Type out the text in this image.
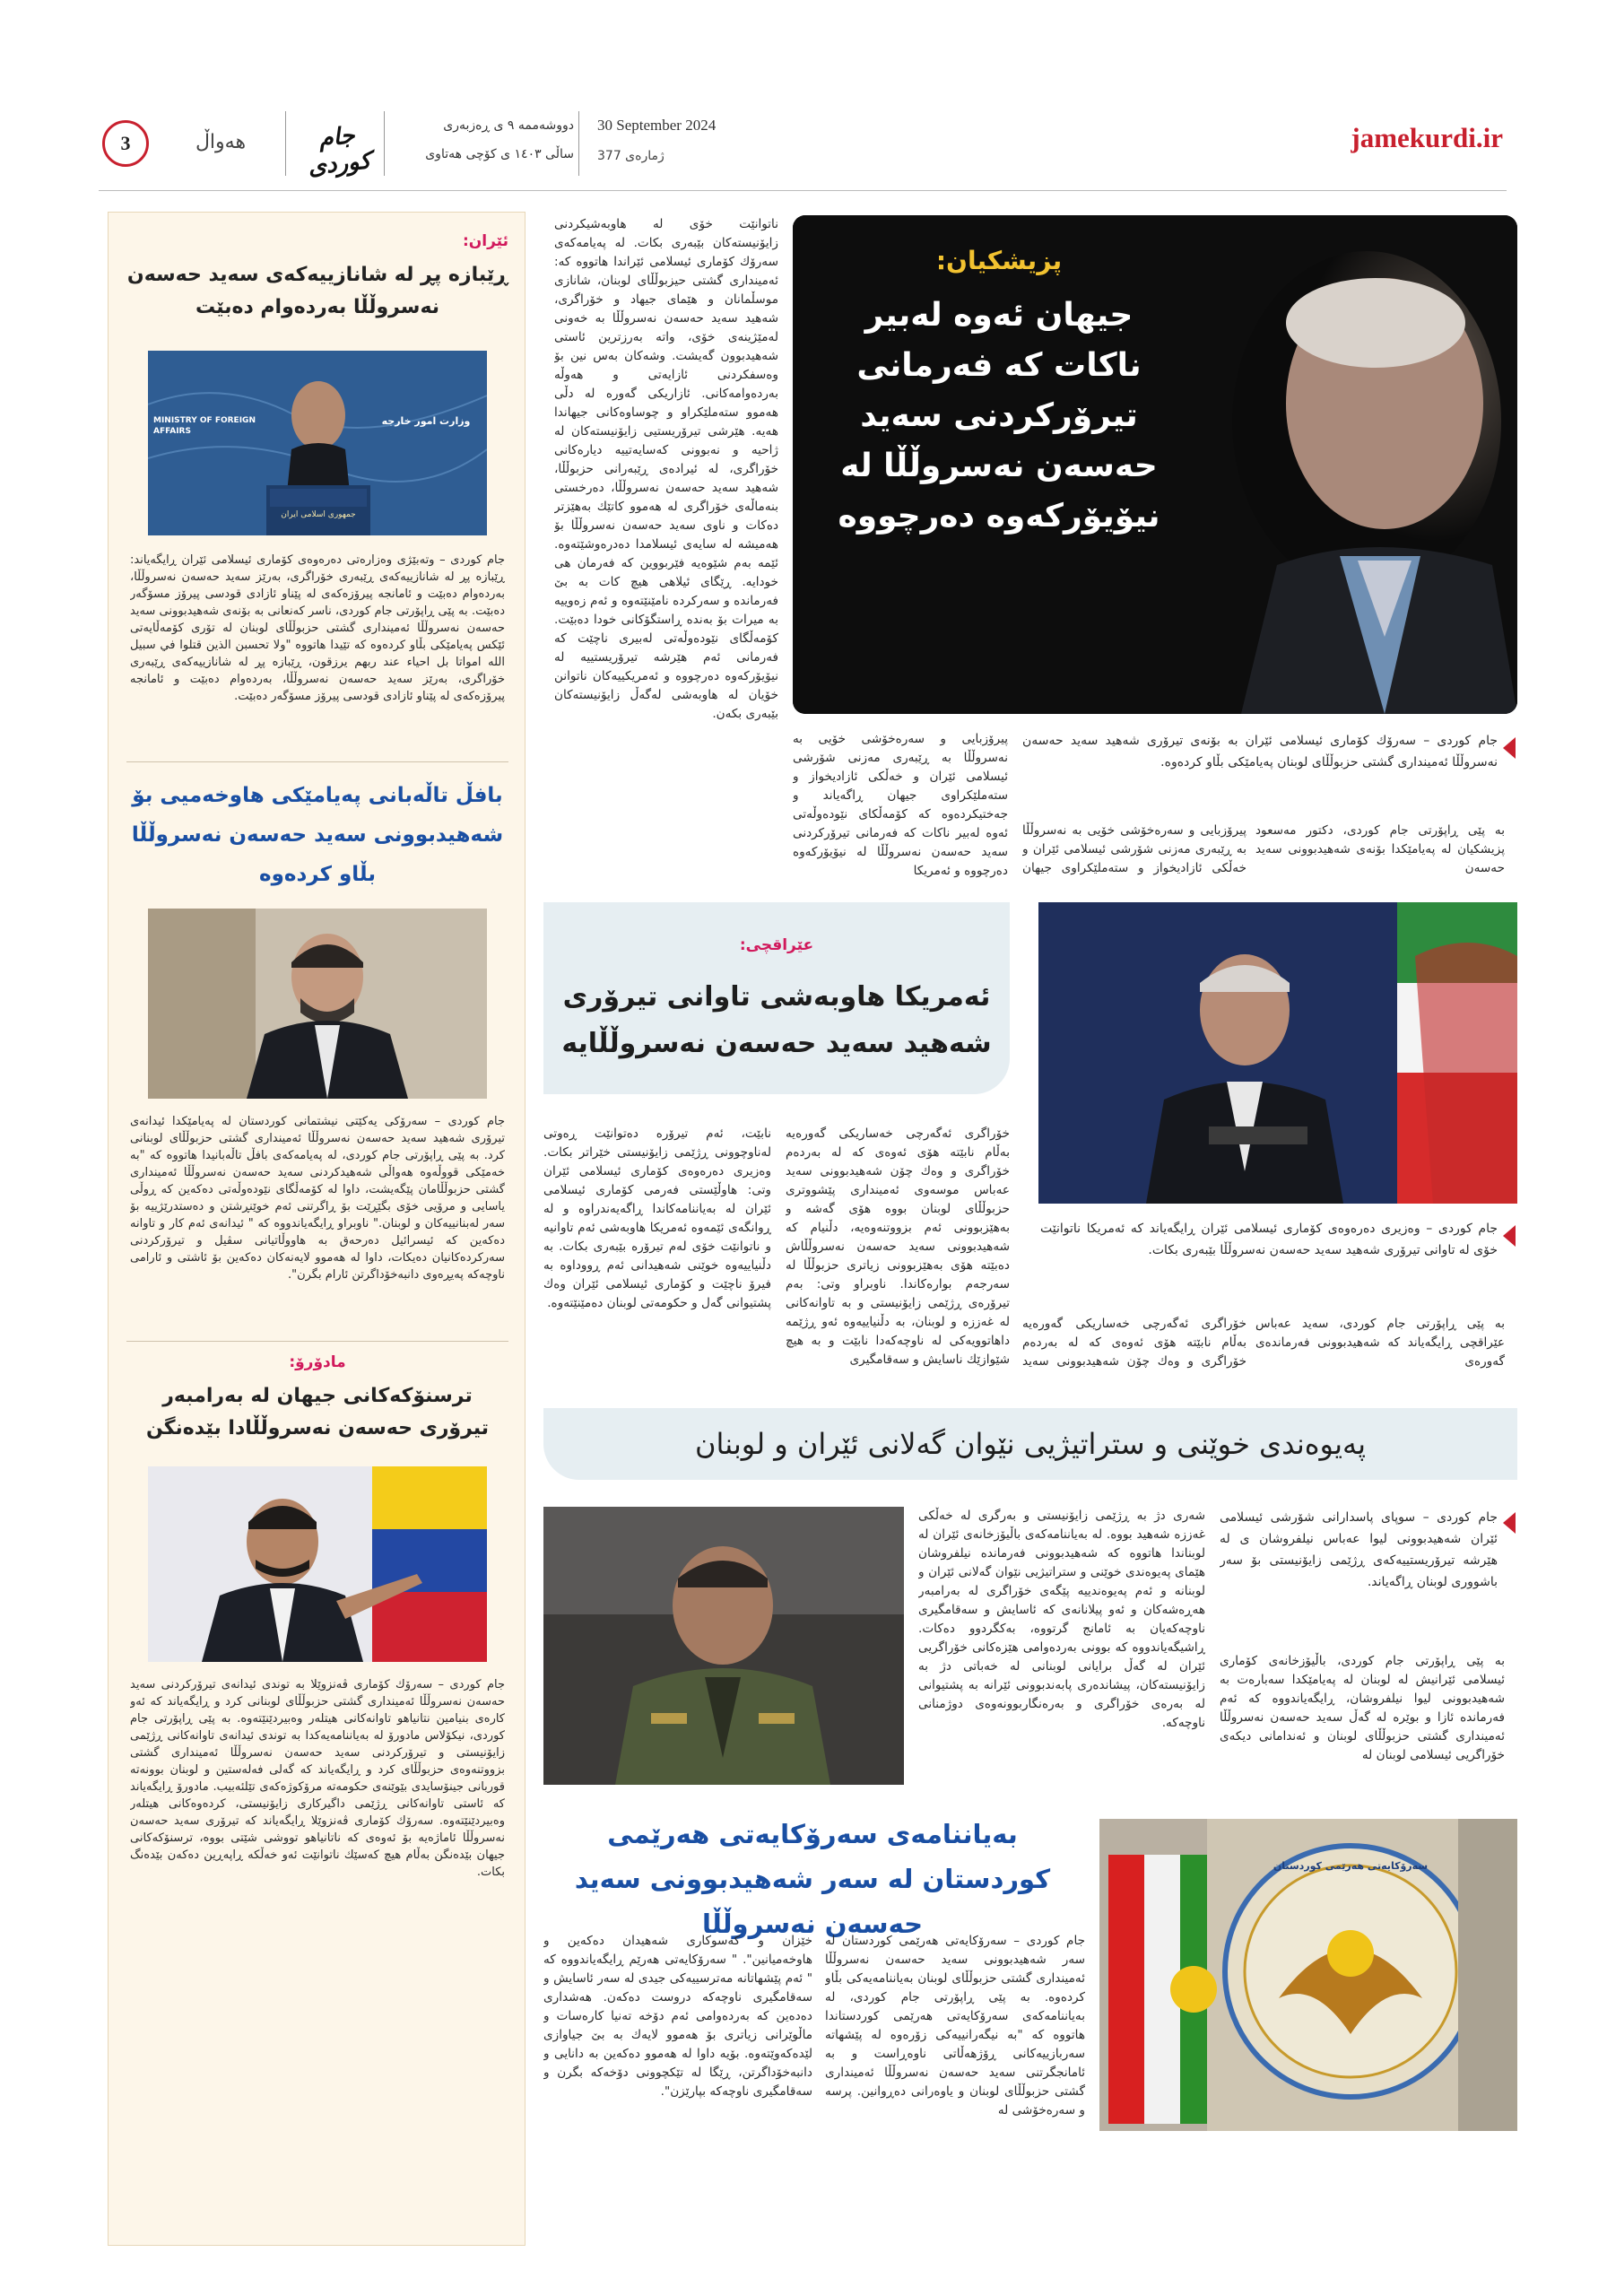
jamekurdi.ir
30 September 2024
ژمارەی 377
دووشەممە ٩ ی ڕەزبەری
ساڵی ١٤٠٣ ی كۆچی هەتاوی
جام كوردی
هەواڵ
3
پزیشكیان:
جیهان ئەوە لەبیر ناكات كە فەرمانی تیرۆركردنی سەید حەسەن نەسروڵڵا لە نیۆیۆركەوە دەرچووە
جام كوردی – سەرۆك كۆماری ئیسلامی ئێران بە بۆنەی تیرۆری شەهید سەید حەسەن نەسروڵڵا ئەمینداری گشتی حزبوڵڵای لوبنان پەیامێكی بڵاو كردەوە.
بە پێی ڕاپۆرتی جام كوردی، دكتور مەسعود پزیشكیان لە پەیامێكدا بۆنەی شەهیدبوونی سەید حەسەن
پیرۆزبایی و سەرەخۆشی خۆیی بە نەسروڵڵا بە ڕێبەری مەزنی شۆرشی ئیسلامی ئێران و خەڵكی ئازادیخواز و ستەملێكراوی جیهان
پیرۆزبایی و سەرەخۆشی خۆیی بە نەسروڵڵا بە ڕێبەری مەزنی شۆرشی ئیسلامی ئێران و خەڵكی ئازادیخواز و ستەملێكراوی جیهان ڕاگەیاند و جەختیكردەوە كە كۆمەڵكای نێودەوڵەتی ئەوە لەبیر ناكات كە فەرمانی تیرۆركردنی سەید حەسەن نەسروڵڵا لە نیۆیۆركەوە دەرچووە و ئەمریكا
ناتوانێت خۆی لە هاوبەشیكردنی زایۆنیستەكان بێبەری بكات. لە پەیامەكەی سەرۆك كۆماری ئیسلامی ئێراندا هاتووە كە: ئەمینداری گشتی حیزبوڵڵای لوبنان، شانازی موسڵمانان و هێمای جیهاد و خۆراگری، شەهید سەید حەسەن نەسروڵڵا بە خەونی لەمێژینەی خۆی، واتە بەرزترین ئاستی شەهیدبوون گەیشت. وشەكان بەس نین بۆ وەسفكردنی ئازایەتی و هەوڵە بەردەوامەكانی. ئازاریكی گەورە لە دڵی هەموو ستەملێكراو و چوساوەكانی جیهاندا هەیە. هێرشی تیرۆریستیی زایۆنیستەكان لە ژاحیە و نەبوونی كەسایەتییە دیارەكانی خۆراگری، لە ئیرادەی ڕێبەرانی حزبوڵڵا، شەهید سەید حەسەن نەسروڵڵا، دەرخستی بنەماڵەی خۆراگری لە هەموو كاتێك بەهێزتر دەكات و ناوی سەید حەسەن نەسروڵڵا بۆ هەمیشە لە سایەی ئیسلامدا دەدرەوشێتەوە. ئێمە بەم شێوەیە فێربووین كە فەرمان هی خودایە. ڕێگای ئیلاهی هیچ كات بە بێ فەرماندە و سەركردە نامێنێتەوە و ئەم زەوییە بە میرات بۆ بەندە ڕاستگۆكانی خودا دەبێت. كۆمەڵگای نێودەوڵەتی لەبیری ناچێت كە فەرمانی ئەم هێرشە تیرۆریستییە لە نیۆیۆركەوە دەرچووە و ئەمریكییەكان ناتوانن خۆیان لە هاوبەشی لەگەڵ زایۆنیستەكان بێبەری بكەن.
عێراقچی:
ئەمریكا هاوبەشی تاوانی تیرۆری شەهید سەید حەسەن نەسروڵڵایە
جام كوردی – وەزیری دەرەوەی كۆماری ئیسلامی ئێران ڕایگەیاند كە ئەمریكا ناتوانێت خۆی لە تاوانی تیرۆری شەهید سەید حەسەن نەسروڵڵا بێبەری بكات.
بە پێی ڕاپۆرتی جام كوردی، سەید عەباس عێراقچی ڕایگەیاند كە شەهیدبوونی فەرماندەی گەورەی
خۆراگری ئەگەرچی خەساریكی گەورەیە بەڵام نابێتە هۆی ئەوەی كە لە بەردەم خۆراگری و وەك چۆن شەهیدبوونی سەید
خۆراگری ئەگەرچی خەساریكی گەورەیە بەڵام نابێتە هۆی ئەوەی كە لە بەردەم خۆراگری و وەك چۆن شەهیدبوونی سەید عەباس موسەوی ئەمینداری پێشووتری حزبوڵڵای لوبنان بووە هۆی گەشە و بەهێزبوونی ئەم بزووتنەوەیە، دڵنیام كە شەهیدبوونی سەید حەسەن نەسروڵڵاش دەبێتە هۆی بەهێزبوونی زیاتری حزبوڵڵا لە سەرجەم بوارەكاندا. ناوبراو وتی: بەم تیرۆرەی ڕژێمی زایۆنیستی و بە تاوانەكانی لە غەززە و لوبنان، بە دڵنیاییەوە ئەو ڕژێمە داهاتوویەكی لە ناوچەكەدا نابێت و بە هیچ شێوازێك ناسایش و سەقامگیری
نابێت، ئەم تیرۆرە دەتوانێت ڕەوتی لەناوچوونی ڕژێمی زایۆنیستی خێراتر بكات. وەزیری دەرەوەی كۆماری ئیسلامی ئێران وتی: هاوڵێستی فەرمی كۆماری ئیسلامی ئێران لە بەیاننامەكاندا ڕاگەیەندراوە و لە ڕوانگەی ئێمەوە ئەمریكا هاوبەشی ئەم تاوانیە و ناتوانێت خۆی لەم تیرۆرە بێبەری بكات. بە دڵنیاییەوە خوێنی شەهیدانی ئەم ڕووداوە بە فیرۆ ناچێت و كۆماری ئیسلامی ئێران وەك پشتیوانی گەل و حكومەتی لوبنان دەمێنێتەوە.
پەیوەندی خوێنی و ستراتیژیی نێوان گەلانی ئێران و لوبنان
جام كوردی – سوپای پاسدارانی شۆرشی ئیسلامی ئێران شەهیدبوونی لیوا عەباس نیلفروشان ی لە هێرشە تیرۆریستییەكەی ڕژێمی زایۆنیستی بۆ سەر باشووری لوبنان ڕاگەیاند.
بە پێی ڕاپۆرتی جام كوردی، باڵیۆزخانەی كۆماری ئیسلامی ئێرانیش لە لوبنان لە پەیامێكدا سەبارەت بە شەهیدبوونی لیوا نیلفروشان، ڕایگەیاندووە كە ئەم فەرماندە ئازا و بوێرە لە گەڵ سەید حەسەن نەسروڵڵا ئەمینداری گشتی حزبوڵڵای لوبنان و ئەندامانی دیكەی خۆراگریی ئیسلامی لوبنان لە
شەری دژ بە ڕژێمی زایۆنیستی و بەرگری لە خەڵكی غەززە شەهید بووە. لە بەیاننامەكەی باڵیۆزخانەی ئێران لە لوبناندا هاتووە كە شەهیدبوونی فەرماندە نیلفروشان هێمای پەیوەندی خوێنی و ستراتیژیی نێوان گەلانی ئێران و لوبنانە و ئەم پەیوەندییە پێگەی خۆراگری لە بەرامبەر هەڕەشەكان و ئەو پیلانانەی كە ئاسایش و سەقامگیری ناوچەكەیان بە ئامانج گرتووە، بەكگردوو دەكات. ڕاشیگەیاندووە كە بوونی بەردەوامی هێزەكانی خۆراگریی ئێران لە گەڵ برایانی لوبنانی لە خەباتی دژ بە زایۆنیستەكان، پیشاندەری پابەندبوونی ئێرانە بە پشتیوانی لە بەرەی خۆراگری و بەرەنگاربوونەوەی دوژمنانی ناوچەكە.
بەیاننامەی سەرۆكایەتی هەرێمی كوردستان لە سەر شەهیدبوونی سەید حەسەن نەسروڵڵا
سەرۆكایەتی هەرێمی كوردستان
جام كوردی – سەرۆكایەتی هەرێمی كوردستان لە سەر شەهیدبوونی سەید حەسەن نەسروڵڵا ئەمینداری گشتی حزبوڵڵای لوبنان بەیاننامەیەكی بڵاو كردەوە. بە پێی ڕاپۆرتی جام كوردی، لە بەیاننامەكەی سەرۆكایەتی هەرێمی كوردستاندا هاتووە كە "بە نیگەرانییەكی زۆرەوە لە پێشهاتە سەربازییەكانی ڕۆژهەڵاتی ناوەڕاست و بە ئامانجگرتنی سەید حەسەن نەسروڵڵا ئەمینداری گشتی حزبوڵڵای لوبنان و یاوەرانی دەڕوانین. پرسە و سەرەخۆشی لە
خێزان و كەسوكاری شەهیدان دەكەین و هاوخەمیانین". " سەرۆكایەتی هەرێم ڕایگەیاندووە كە " ئەم پێشهاتانە مەترسییەكی جیدی لە سەر ئاسایش و سەقامگیری ناوچەكە دروست دەكەن. هەشداری دەدەین كە بەردەوامی ئەم دۆخە تەنیا كارەسات و ماڵوێرانی زیاتری بۆ هەموو لایەك بە بێ جیاوازی لێدەكەوێتەوە. بۆیە داوا لە هەموو دەكەین بە دانایی و دانبەخۆداگرتن، ڕێگا لە تێكچوونی دۆخەكە بگرن و سەقامگیری ناوچەكە بپارێزن".
ئێران:
ڕێبازە پڕ لە شانازییەكەی سەید حەسەن نەسروڵڵا بەردەوام دەبێت
MINISTRY OF FOREIGN AFFAIRS
وزارت امور خارجه
جمهوری اسلامی ایران
جام كوردی – وتەبێژی وەزارەتی دەرەوەی كۆماری ئیسلامی ئێران ڕایگەیاند: ڕێبازە پڕ لە شانازییەكەی ڕێبەری خۆراگری، بەرێز سەید حەسەن نەسروڵڵا، بەردەوام دەبێت و ئامانجە پیرۆزەكەی لە پێناو ئازادی قودسی پیرۆز مسۆگەر دەبێت. بە پێی ڕاپۆرتی جام كوردی، ناسر كەنعانی بە بۆنەی شەهیدبوونی سەید حەسەن نەسروڵڵا ئەمینداری گشتی حزبوڵڵای لوبنان لە تۆری كۆمەڵایەتی ئێكس پەیامێكی بڵاو كردەوە كە تێیدا هاتووە "ولا تحسبن الذين قتلوا في سبيل الله امواتا بل احياء عند ربهم يرزقون، ڕێبازە پڕ لە شانازییەكەی ڕێبەری خۆراگری، بەرێز سەید حەسەن نەسروڵڵا، بەردەوام دەبێت و ئامانجە پیرۆزەكەی لە پێناو ئازادی قودسی پیرۆز مسۆگەر دەبێت.
بافڵ تاڵەبانی پەیامێكی هاوخەمیی بۆ شەهیدبوونی سەید حەسەن نەسروڵڵا بڵاو كردەوە
جام كوردی – سەرۆكی یەكێتی نیشتمانی كوردستان لە پەیامێكدا ئیدانەی تیرۆری شەهید سەید حەسەن نەسروڵڵا ئەمینداری گشتی حزبوڵڵای لوبنانی كرد. بە پێی ڕاپۆرتی جام كوردی، لە پەیامەكەی بافڵ تاڵەبانیدا هاتووە كە "بە خەمێكی قووڵەوە هەواڵی شەهیدكردنی سەید حەسەن نەسروڵڵا ئەمینداری گشتی حزبوڵڵامان پێگەیشت، داوا لە كۆمەڵگای نێودەوڵەتی دەكەین كە ڕوڵی یاسایی و مرۆیی خۆی بگێڕێت بۆ ڕاگرتنی ئەم خوێنڕشتن و دەستدرێژییە بۆ سەر لەبنانییەكان و لوبنان." ناوبراو ڕایگەیاندووە كە " ئیدانەی ئەم كار و تاوانە دەكەین كە ئیسرائیل دەرحەق بە هاووڵاتیانی سڤیل و تیرۆركردنی سەركردەكانیان دەیكات، داوا لە هەموو لایەنەكان دەكەین بۆ ئاشتی و ئارامی ناوچەكە پەیڕەوی دانبەخۆداگرتن ئارام بگرن".
مادۆرۆ:
ترسنۆكەكانی جیهان لە بەرامبەر تیرۆری حەسەن نەسروڵڵادا بێدەنگن
جام كوردی – سەرۆك كۆماری ڤەنزوێلا بە توندی ئیدانەی تیرۆركردنی سەید حەسەن نەسروڵڵا ئەمینداری گشتی حزبوڵڵای لوبنانی كرد و ڕایگەیاند كە ئەو كارەی بنیامین نتانیاهو تاوانەكانی هیتلەر وەبیردێنێتەوە. بە پێی ڕاپۆرتی جام كوردی، نیكۆلاس مادورۆ لە بەیاننامەیەكدا بە توندی ئیدانەی تاوانەكانی ڕژێمی زایۆنیستی و تیرۆركردنی سەید حەسەن نەسروڵڵا ئەمینداری گشتی بزووتنەوەی حزبوڵڵای كرد و ڕایگەیاند كە گەلی فەلەستین و لوبنان بوونەتە قوربانی جینۆسایدی بێوێنەی حكومەتە مرۆكوژەكەی تێلئەبیب. مادورۆ ڕایگەیاند كە ئاستی تاوانەكانی ڕژێمی داگیركاری زایۆنیستی، كردەوەكانی هیتلەر وەبیردێنێتەوە. سەرۆك كۆماری ڤەنزوێلا ڕایگەیاند كە تیرۆری سەید حەسەن نەسروڵڵا ئاماژەیە بۆ ئەوەی كە ناتانیاهو تووشی شێتی بووە، ترسنۆكەكانی جیهان بێدەنگن بەڵام هیچ كەسێك ناتوانێت ئەو خەڵكە ڕاپەڕین دەكەن بێدەنگ بكات.
